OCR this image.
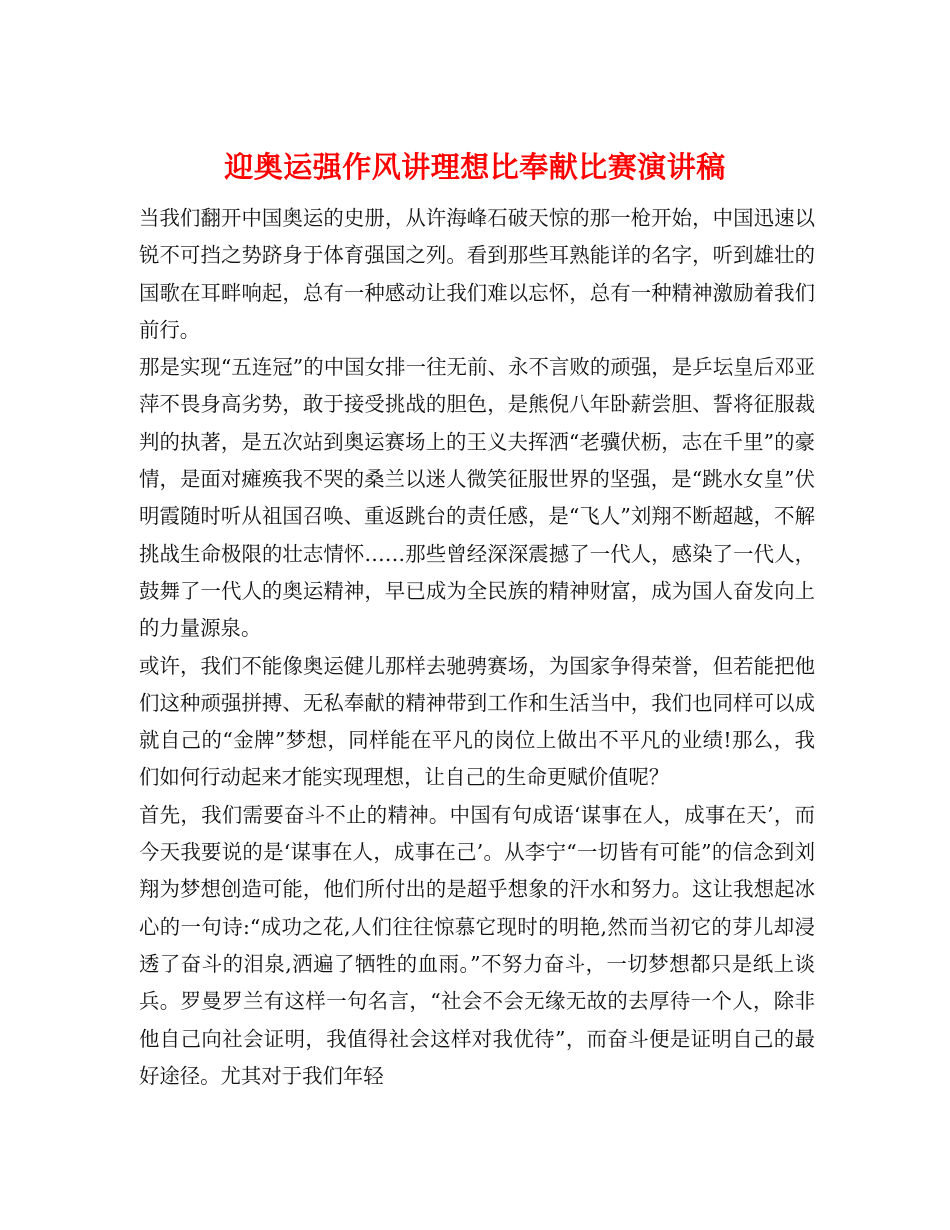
迎奥运强作风讲理想比奉献比赛演讲稿

当我们翻开中国奥运的史册，从许海峰石破天惊的那一枪开始，中国迅速以锐不可挡之势跻身于体育强国之列。看到那些耳熟能详的名字，听到雄壮的国歌在耳畔响起，总有一种感动让我们难以忘怀，总有一种精神激励着我们前行。

那是实现“五连冠”的中国女排一往无前、永不言败的顽强，是乒坛皇后邓亚萍不畏身高劣势，敢于接受挑战的胆色，是熊倪八年卧薪尝胆、誓将征服裁判的执著，是五次站到奥运赛场上的王义夫挥洒“老骥伏枥，志在千里”的豪情，是面对瘫痪我不哭的桑兰以迷人微笑征服世界的坚强，是“跳水女皇”伏明霞随时听从祖国召唤、重返跳台的责任感，是“飞人”刘翔不断超越，不解挑战生命极限的壮志情怀……那些曾经深深震撼了一代人，感染了一代人，鼓舞了一代人的奥运精神，早已成为全民族的精神财富，成为国人奋发向上的力量源泉。

或许，我们不能像奥运健儿那样去驰骋赛场，为国家争得荣誉，但若能把他们这种顽强拼搏、无私奉献的精神带到工作和生活当中，我们也同样可以成就自己的“金牌”梦想，同样能在平凡的岗位上做出不平凡的业绩!那么，我们如何行动起来才能实现理想，让自己的生命更赋价值呢？

首先，我们需要奋斗不止的精神。中国有句成语‘谋事在人，成事在天’，而今天我要说的是‘谋事在人，成事在己’。从李宁“一切皆有可能”的信念到刘翔为梦想创造可能，他们所付出的是超乎想象的汗水和努力。这让我想起冰心的一句诗:“成功之花,人们往往惊慕它现时的明艳,然而当初它的芽儿却浸透了奋斗的泪泉,洒遍了牺牲的血雨。”不努力奋斗，一切梦想都只是纸上谈兵。罗曼罗兰有这样一句名言，“社会不会无缘无故的去厚待一个人，除非他自己向社会证明，我值得社会这样对我优待”，而奋斗便是证明自己的最好途径。尤其对于我们年轻
